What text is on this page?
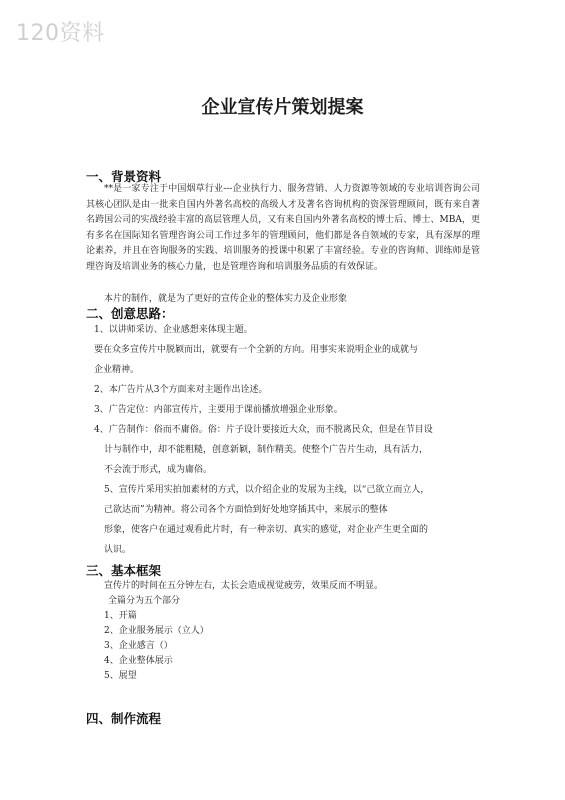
120资料
企业宣传片策划提案
一、背景资料
**是一家专注于中国烟草行业---企业执行力、服务营销、人力资源等领域的专业培训咨询公司其核心团队是由一批来自国内外著名高校的高级人才及著名咨询机构的资深管理顾问，既有来自著名跨国公司的实战经验丰富的高层管理人员，又有来自国内外著名高校的博士后、博士、MBA，更有多名在国际知名管理咨询公司工作过多年的管理顾问，他们都是各自领域的专家，具有深厚的理论素养，并且在咨询服务的实践、培训服务的授课中积累了丰富经验。专业的咨询师、训练师是管理咨询及培训业务的核心力量，也是管理咨询和培训服务品质的有效保证。
本片的制作，就是为了更好的宣传企业的整体实力及企业形象
二、创意思路：
1、以讲师采访、企业感想来体现主题。
要在众多宣传片中脱颖而出，就要有一个全新的方向。用事实来说明企业的成就与
企业精神。
2、本广告片从3个方面来对主题作出诠述。
3、广告定位：内部宣传片，主要用于课前播放增强企业形象。
4、广告制作：俗而不庸俗。俗：片子设计要接近大众，而不脱离民众，但是在节目设
计与制作中，却不能粗糙，创意新颖，制作精美。使整个广告片生动，具有活力，
不会流于形式，成为庸俗。
5、宣传片采用实拍加素材的方式，以介绍企业的发展为主线，以“己欲立而立人，
己欲达而”为精神。将公司各个方面恰到好处地穿插其中，来展示的整体
形象，使客户在通过观看此片时，有一种亲切、真实的感觉，对企业产生更全面的
认识。
三、基本框架
宣传片的时间在五分钟左右，太长会造成视觉疲劳，效果反而不明显。
全篇分为五个部分
1、开篇
2、企业服务展示（立人）
3、企业感言（）
4、企业整体展示
5、展望
四、制作流程
